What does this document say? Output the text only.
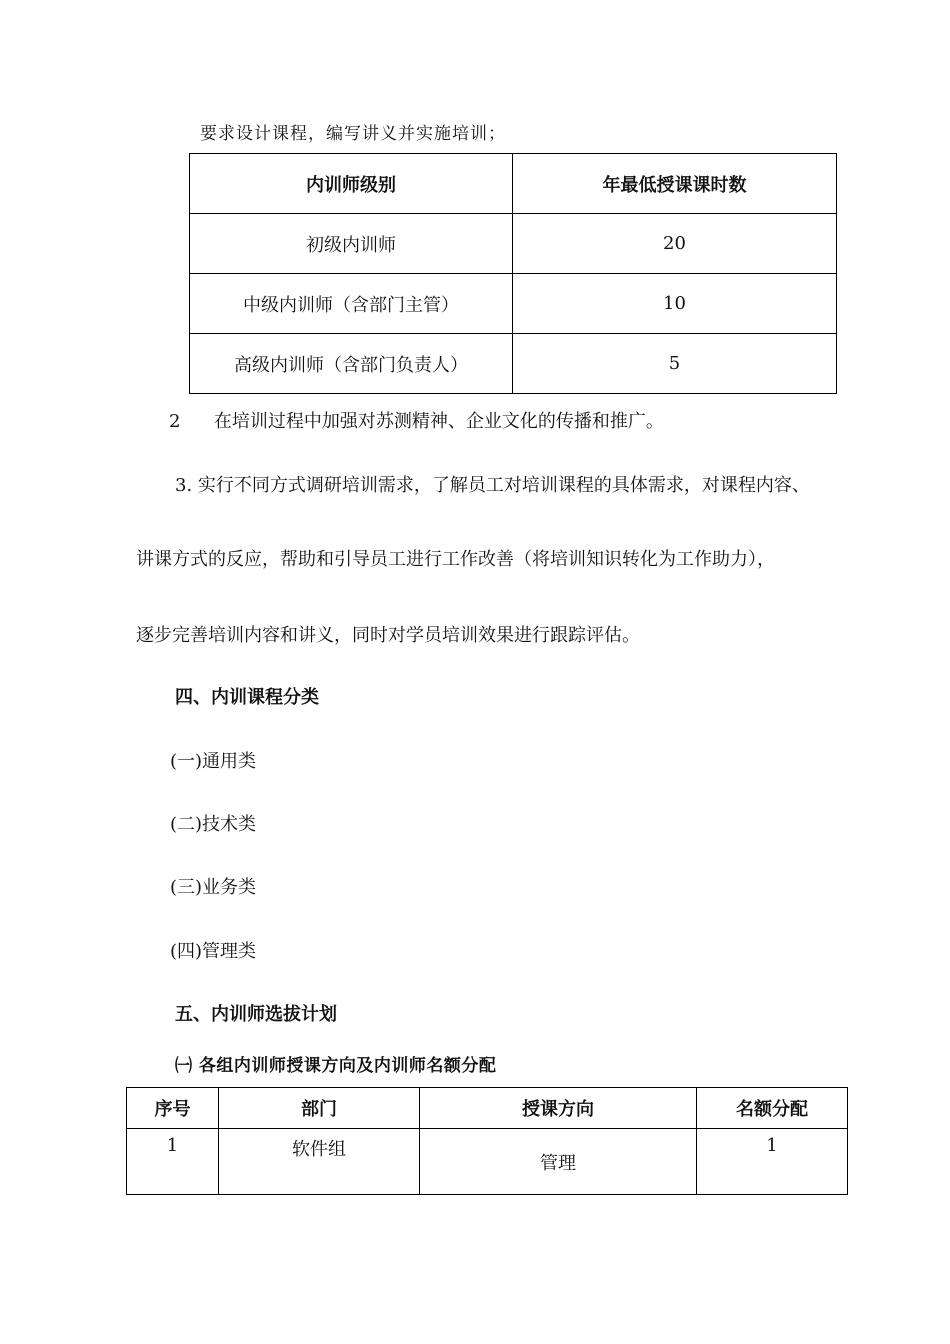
要求设计课程，编写讲义并实施培训；
内训师级别	年最低授课课时数
初级内训师	20
中级内训师（含部门主管）	10
高级内训师（含部门负责人）	5
2 在培训过程中加强对苏测精神、企业文化的传播和推广。
3. 实行不同方式调研培训需求，了解员工对培训课程的具体需求，对课程内容、
讲课方式的反应，帮助和引导员工进行工作改善（将培训知识转化为工作助力），
逐步完善培训内容和讲义，同时对学员培训效果进行跟踪评估。
四、内训课程分类
(一)通用类
(二)技术类
(三)业务类
(四)管理类
五、内训师选拔计划
㈠ 各组内训师授课方向及内训师名额分配
序号	部门	授课方向	名额分配
1	软件组	管理	1
